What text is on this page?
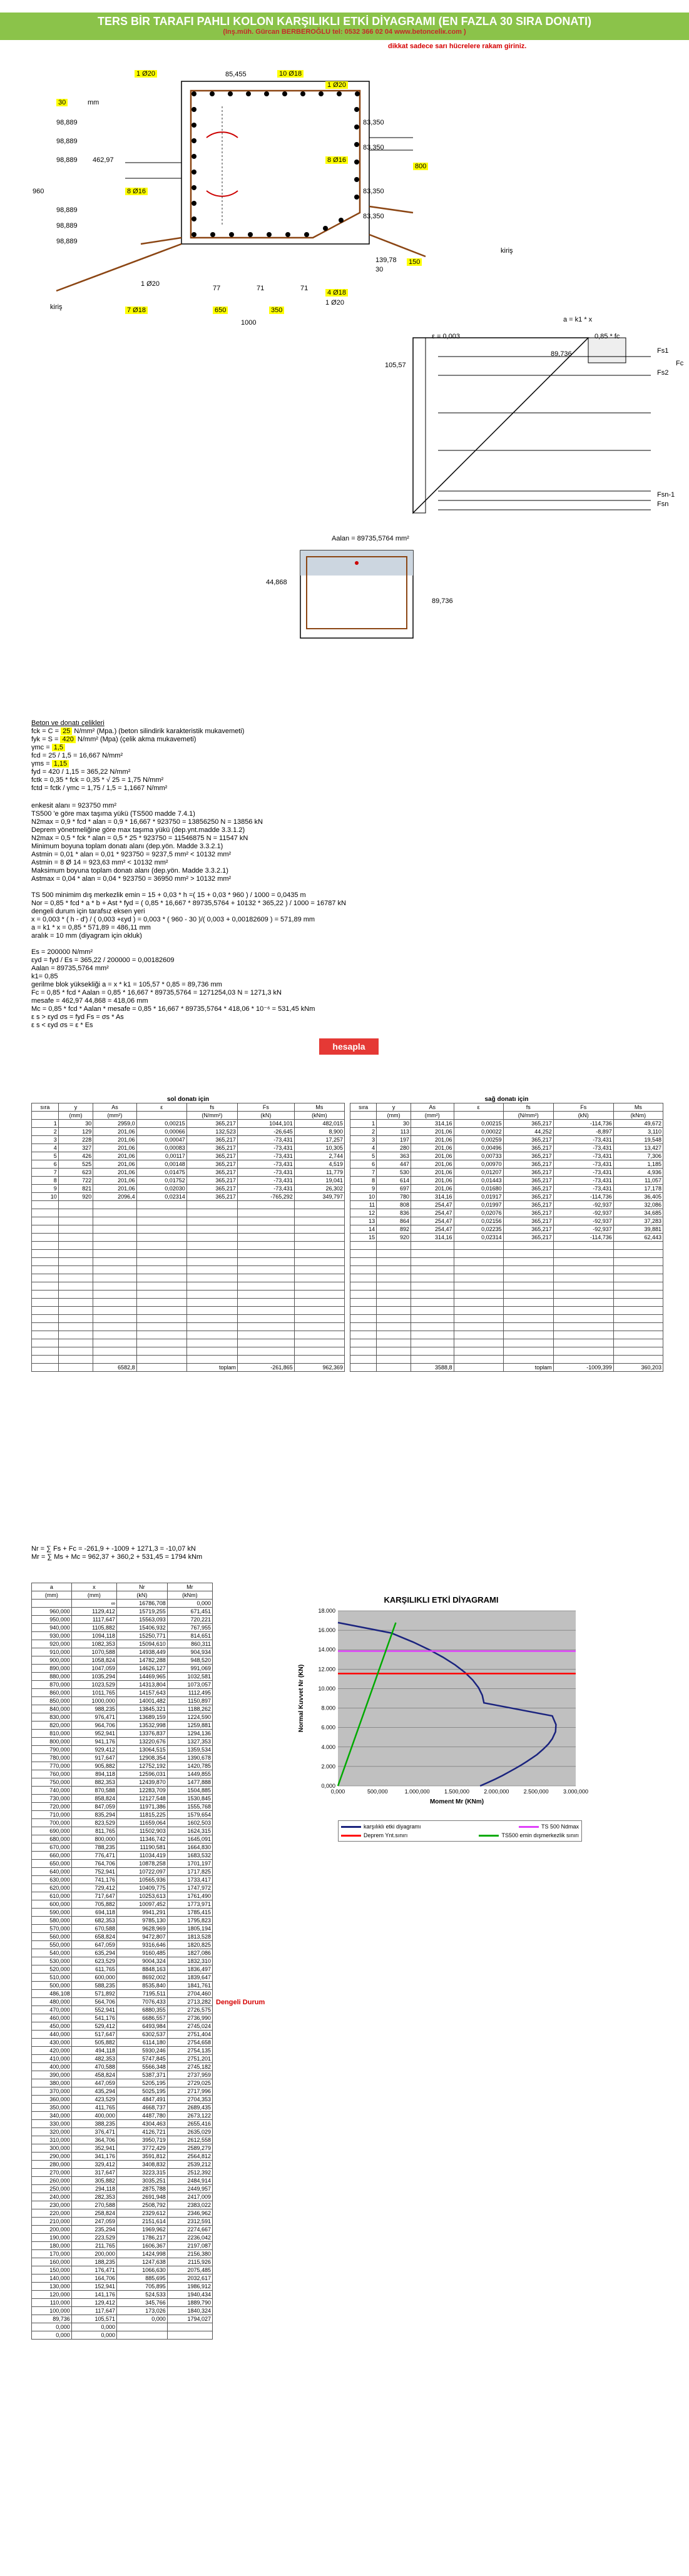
TERS BİR TARAFI PAHLI KOLON KARŞILIKLI ETKİ DİYAGRAMI (EN FAZLA 30 SIRA DONATI)
(Inş.müh. Gürcan BERBEROĞLU tel: 0532 366 02 04 www.betonceliк.com )
dikkat sadece sarı hücrelere rakam giriniz.
1 Ø20	85,455	10 Ø18
1 Ø20
30	mm
98,889
98,889
98,889
98,889
98,889
98,889
960
462,97
8 Ø16
8 Ø16
83,350
83,350
83,350
83,350
800
139,78 150
30
kiriş
kiriş
1 Ø20
77	71	71
4 Ø18
1 Ø20
7 Ø18	650	350
1000	a = k1 * x
ε = 0,003	0,85 * fc
Fs1
Fs2
Fc
Fsn-1
Fsn
105,57
89,736
Aalan = 89735,5764 mm²
44,868
89,736
Beton ve donatı çelikleri
fck = C = 25 N/mm² (Mpa.) (beton silindirik karakteristik mukavemeti)
fyk = S = 420 N/mm² (Mpa) (çelik akma mukavemeti)
γmc = 1,5
fcd = 25 / 1,5 = 16,667 N/mm²
γms = 1,15
fyd = 420 / 1,15 = 365,22 N/mm²
fctk = 0,35 * fck = 0,35 * √ 25 = 1,75 N/mm²
fctd = fctk / γmc = 1,75 / 1,5 = 1,1667 N/mm²
enkesit alanı = 923750 mm²
TS500 'e göre max taşıma yükü (TS500 madde 7.4.1)
N2max = 0,9 * fcd * alan = 0,9 * 16,667 * 923750 = 13856250 N = 13856 kN
Deprem yönetmeliğine göre max taşıma yükü (dep.ynt.madde 3.3.1.2)
N2max = 0,5 * fck * alan = 0,5 * 25 * 923750 = 11546875 N = 11547 kN
Minimum boyuna toplam donatı alanı (dep.yön. Madde 3.3.2.1)
Astmin = 0,01 * alan = 0,01 * 923750 = 9237,5 mm² < 10132 mm²
Astmin = 8 Ø 14 = 923,63 mm² < 10132 mm²
Maksimum boyuna toplam donatı alanı (dep.yön. Madde 3.3.2.1)
Astmax = 0,04 * alan = 0,04 * 923750 = 36950 mm² > 10132 mm²
TS 500 minimim dış merkezlik emin = 15 + 0,03 * h =( 15 + 0,03 * 960 ) / 1000 = 0,0435 m
Nor = 0,85 * fcd * a * b + Ast * fyd = ( 0,85 * 16,667 * 89735,5764 + 10132 * 365,22 ) / 1000 = 16787 kN
dengeli durum için tarafsız eksen yeri
x = 0,003 * ( h - d') / ( 0,003 +εyd ) = 0,003 * ( 960 - 30 )/( 0,003 + 0,00182609 ) = 571,89 mm
a = k1 * x = 0,85 * 571,89 = 486,11 mm
aralık = 10 mm (diyagram için okluk)
Es = 200000 N/mm²
εyd = fyd / Es = 365,22 / 200000 = 0,00182609
Aalan = 89735,5764 mm²
k1= 0,85
gerilme blok yüksekliği a = x * k1 = 105,57 * 0,85 = 89,736 mm
Fc = 0,85 * fcd * Aalan = 0,85 * 16,667 * 89735,5764 = 1271254,03 N = 1271,3 kN
mesafe = 462,97 44,868 = 418,06 mm
Mc = 0,85 * fcd * Aalan * mesafe = 0,85 * 16,667 * 89735,5764 * 418,06 * 10⁻⁶ = 531,45 kNm
ε s > εyd σs = fyd Fs = σs * As
ε s < εyd σs = ε * Es
hesapla
sol donatı için
sıra	y	As	ε	fs	Fs	Ms
	(mm)	(mm²)		(N/mm²)	(kN)	(kNm)
1	30	2959,0	0,00215	365,217	1044,101	482,015
2	129	201,06	0,00066	132,523	-26,645	8,900
3	228	201,06	0,00047	365,217	-73,431	17,257
4	327	201,06	0,00083	365,217	-73,431	10,305
5	426	201,06	0,00117	365,217	-73,431	2,744
6	525	201,06	0,00148	365,217	-73,431	4,519
7	623	201,06	0,01475	365,217	-73,431	11,779
8	722	201,06	0,01752	365,217	-73,431	19,041
9	821	201,06	0,02030	365,217	-73,431	26,302
10	920	2096,4	0,02314	365,217	-765,292	349,797

		6582,8		toplam	-261,865	962,369
sağ donatı için
sıra	y	As	ε	fs	Fs	Ms
	(mm)	(mm²)		(N/mm²)	(kN)	(kNm)
1	30	314,16	0,00215	365,217	-114,736	49,672
2	113	201,06	0,00022	44,252	-8,897	3,110
3	197	201,06	0,00259	365,217	-73,431	19,548
4	280	201,06	0,00496	365,217	-73,431	13,427
5	363	201,06	0,00733	365,217	-73,431	7,306
6	447	201,06	0,00970	365,217	-73,431	1,185
7	530	201,06	0,01207	365,217	-73,431	4,936
8	614	201,06	0,01443	365,217	-73,431	11,057
9	697	201,06	0,01680	365,217	-73,431	17,178
10	780	314,16	0,01917	365,217	-114,736	36,405
11	808	254,47	0,01997	365,217	-92,937	32,086
12	836	254,47	0,02076	365,217	-92,937	34,685
13	864	254,47	0,02156	365,217	-92,937	37,283
14	892	254,47	0,02235	365,217	-92,937	39,881
15	920	314,16	0,02314	365,217	-114,736	62,443

		3588,8		toplam	-1009,399	360,203
Nr = ∑ Fs + Fc = -261,9 + -1009 + 1271,3 = -10,07 kN
Mr = ∑ Ms + Mc = 962,37 + 360,2 + 531,45 = 1794 kNm
a	x	Nr	Mr
(mm)	(mm)	(kN)	(kNm)
	∞	16786,708	0,000
960,000	1129,412	15719,255	671,451
950,000	1117,647	15563,093	720,221
940,000	1105,882	15406,932	767,955
930,000	1094,118	15250,771	814,651
920,000	1082,353	15094,610	860,311
910,000	1070,588	14938,449	904,934
900,000	1058,824	14782,288	948,520
890,000	1047,059	14626,127	991,069
880,000	1035,294	14469,965	1032,581
870,000	1023,529	14313,804	1073,057
860,000	1011,765	14157,643	1112,495
850,000	1000,000	14001,482	1150,897
840,000	988,235	13845,321	1188,262
830,000	976,471	13689,159	1224,590
820,000	964,706	13532,998	1259,881
810,000	952,941	13376,837	1294,136
800,000	941,176	13220,676	1327,353
790,000	929,412	13064,515	1359,534
780,000	917,647	12908,354	1390,678
770,000	905,882	12752,192	1420,785
760,000	894,118	12596,031	1449,855
750,000	882,353	12439,870	1477,888
740,000	870,588	12283,709	1504,885
730,000	858,824	12127,548	1530,845
720,000	847,059	11971,386	1555,768
710,000	835,294	11815,225	1579,654
700,000	823,529	11659,064	1602,503
690,000	811,765	11502,903	1624,315
680,000	800,000	11346,742	1645,091
670,000	788,235	11190,581	1664,830
660,000	776,471	11034,419	1683,532
650,000	764,706	10878,258	1701,197
640,000	752,941	10722,097	1717,825
630,000	741,176	10565,936	1733,417
620,000	729,412	10409,775	1747,972
610,000	717,647	10253,613	1761,490
600,000	705,882	10097,452	1773,971
590,000	694,118	9941,291	1785,415
580,000	682,353	9785,130	1795,823
570,000	670,588	9628,969	1805,194
560,000	658,824	9472,807	1813,528
550,000	647,059	9316,646	1820,825
540,000	635,294	9160,485	1827,086
530,000	623,529	9004,324	1832,310
520,000	611,765	8848,163	1836,497
510,000	600,000	8692,002	1839,647
500,000	588,235	8535,840	1841,761
486,108	571,892	7195,511	2704,460
480,000	564,706	7076,433	2713,282
470,000	552,941	6880,355	2726,575
460,000	541,176	6686,557	2736,990
450,000	529,412	6493,984	2745,024
440,000	517,647	6302,537	2751,404
430,000	505,882	6114,180	2754,658
420,000	494,118	5930,246	2754,135
410,000	482,353	5747,845	2751,201
400,000	470,588	5566,348	2745,182
390,000	458,824	5387,371	2737,959
380,000	447,059	5205,195	2729,025
370,000	435,294	5025,195	2717,996
360,000	423,529	4847,491	2704,353
350,000	411,765	4668,737	2689,435
340,000	400,000	4487,780	2673,122
330,000	388,235	4304,463	2655,416
320,000	376,471	4126,721	2635,029
310,000	364,706	3950,719	2612,558
300,000	352,941	3772,429	2589,279
290,000	341,176	3591,812	2564,812
280,000	329,412	3408,832	2539,212
270,000	317,647	3223,315	2512,392
260,000	305,882	3035,251	2484,914
250,000	294,118	2875,788	2449,957
240,000	282,353	2691,948	2417,009
230,000	270,588	2508,792	2383,022
220,000	258,824	2329,612	2346,962
210,000	247,059	2151,614	2312,591
200,000	235,294	1969,962	2274,667
190,000	223,529	1786,217	2236,042
180,000	211,765	1606,367	2197,087
170,000	200,000	1424,998	2156,380
160,000	188,235	1247,638	2115,926
150,000	176,471	1066,630	2075,485
140,000	164,706	885,695	2032,617
130,000	152,941	705,895	1986,912
120,000	141,176	524,533	1940,434
110,000	129,412	345,766	1889,790
100,000	117,647	173,026	1840,324
89,736	105,571	0,000	1794,027
0,000	0,000		
0,000	0,000		
Dengeli Durum
KARŞILIKLI ETKİ DİYAGRAMI
0,000
2.000
4.000
6.000
8.000
10.000
12.000
14.000
16.000
18.000
0,000	500,000	1.000,000	1.500,000	2.000,000	2.500,000	3.000,000
Moment Mr (KNm)
Normal Kuvvet Nr (KN)
karşılıklı etki diyagramı	TS 500 Ndmax
Deprem Ynt.sınırı	TS500 emin dışmerkezlik sınırı
